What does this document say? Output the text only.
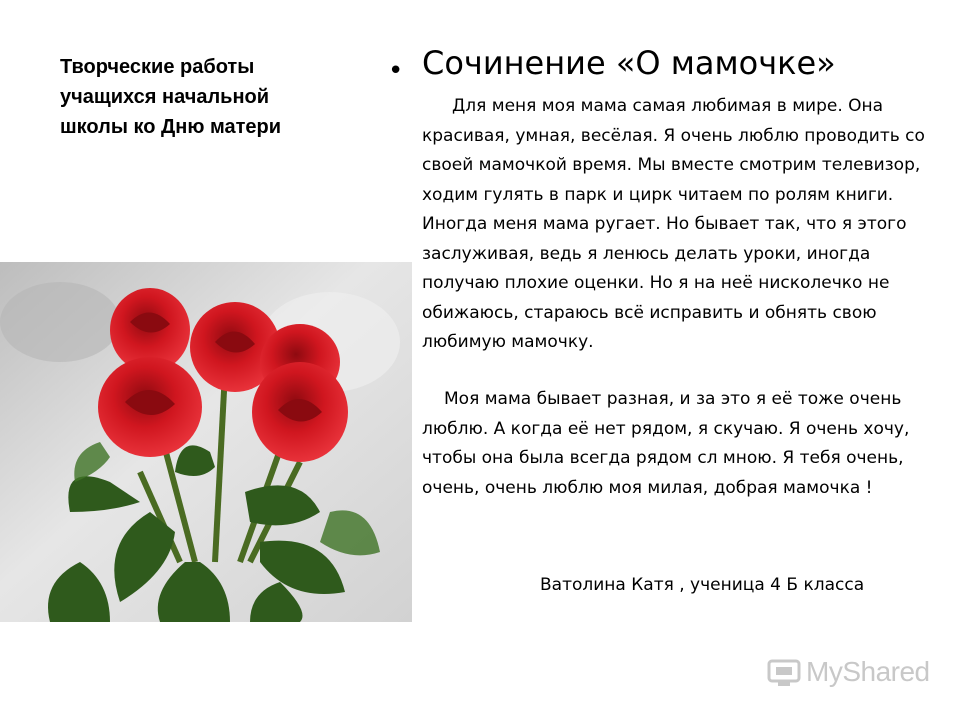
Творческие работы
учащихся начальной
школы ко Дню матери
• Сочинение «О мамочке»
Для меня моя мама самая любимая в мире. Она красивая, умная, весёлая. Я очень люблю проводить со своей мамочкой время. Мы вместе смотрим телевизор, ходим гулять в парк и цирк читаем по ролям книги. Иногда меня мама ругает. Но бывает так, что я этого заслуживая, ведь я ленюсь делать уроки, иногда получаю плохие оценки. Но я на неё нисколечко не обижаюсь, стараюсь всё исправить и обнять свою любимую мамочку.
Моя мама бывает разная, и за это я её тоже очень люблю. А когда её нет рядом, я скучаю. Я очень хочу, чтобы она была всегда рядом сл мною. Я тебя очень, очень, очень люблю моя милая, добрая мамочка !
Ватолина Катя , ученица 4 Б класса
MyShared
